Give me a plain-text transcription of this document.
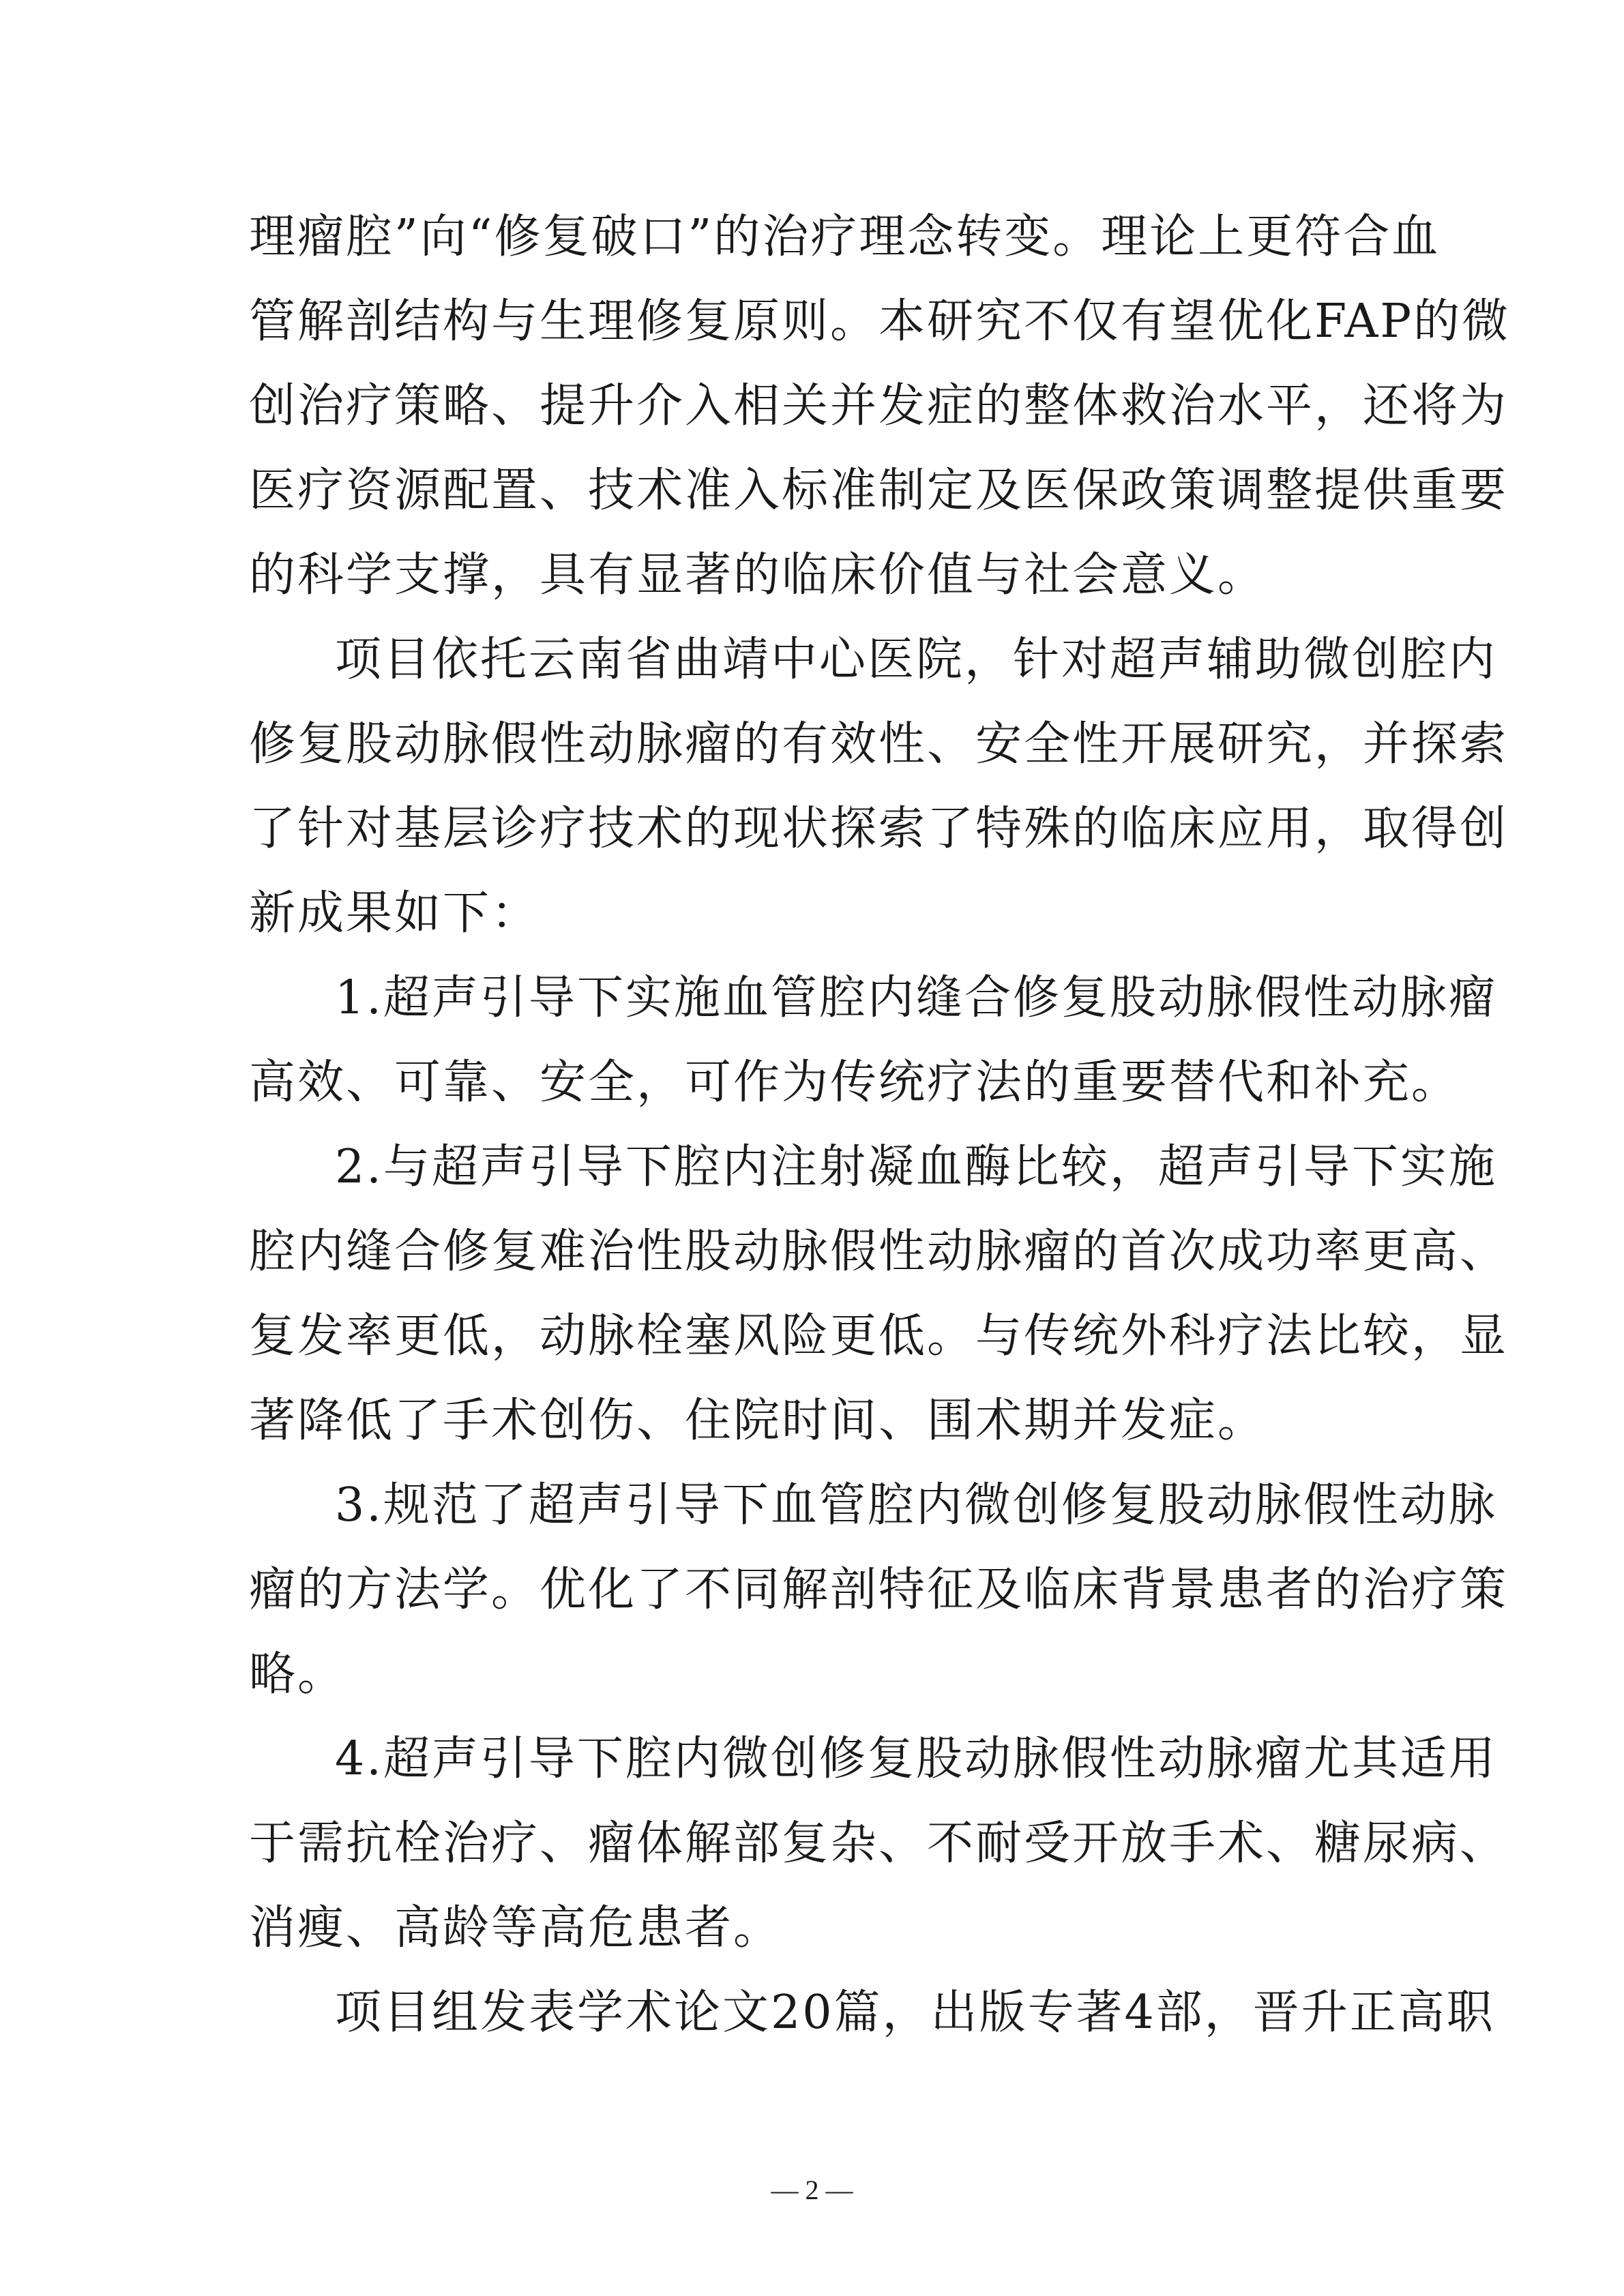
理瘤腔”向“修复破口”的治疗理念转变。理论上更符合血
管解剖结构与生理修复原则。本研究不仅有望优化FAP的微
创治疗策略、提升介入相关并发症的整体救治水平，还将为
医疗资源配置、技术准入标准制定及医保政策调整提供重要
的科学支撑，具有显著的临床价值与社会意义。
项目依托云南省曲靖中心医院，针对超声辅助微创腔内
修复股动脉假性动脉瘤的有效性、安全性开展研究，并探索
了针对基层诊疗技术的现状探索了特殊的临床应用，取得创
新成果如下：
1.超声引导下实施血管腔内缝合修复股动脉假性动脉瘤
高效、可靠、安全，可作为传统疗法的重要替代和补充。
2.与超声引导下腔内注射凝血酶比较，超声引导下实施
腔内缝合修复难治性股动脉假性动脉瘤的首次成功率更高、
复发率更低，动脉栓塞风险更低。与传统外科疗法比较，显
著降低了手术创伤、住院时间、围术期并发症。
3.规范了超声引导下血管腔内微创修复股动脉假性动脉
瘤的方法学。优化了不同解剖特征及临床背景患者的治疗策
略。
4.超声引导下腔内微创修复股动脉假性动脉瘤尤其适用
于需抗栓治疗、瘤体解部复杂、不耐受开放手术、糖尿病、
消瘦、高龄等高危患者。
项目组发表学术论文20篇，出版专著4部，晋升正高职
— 2 —
